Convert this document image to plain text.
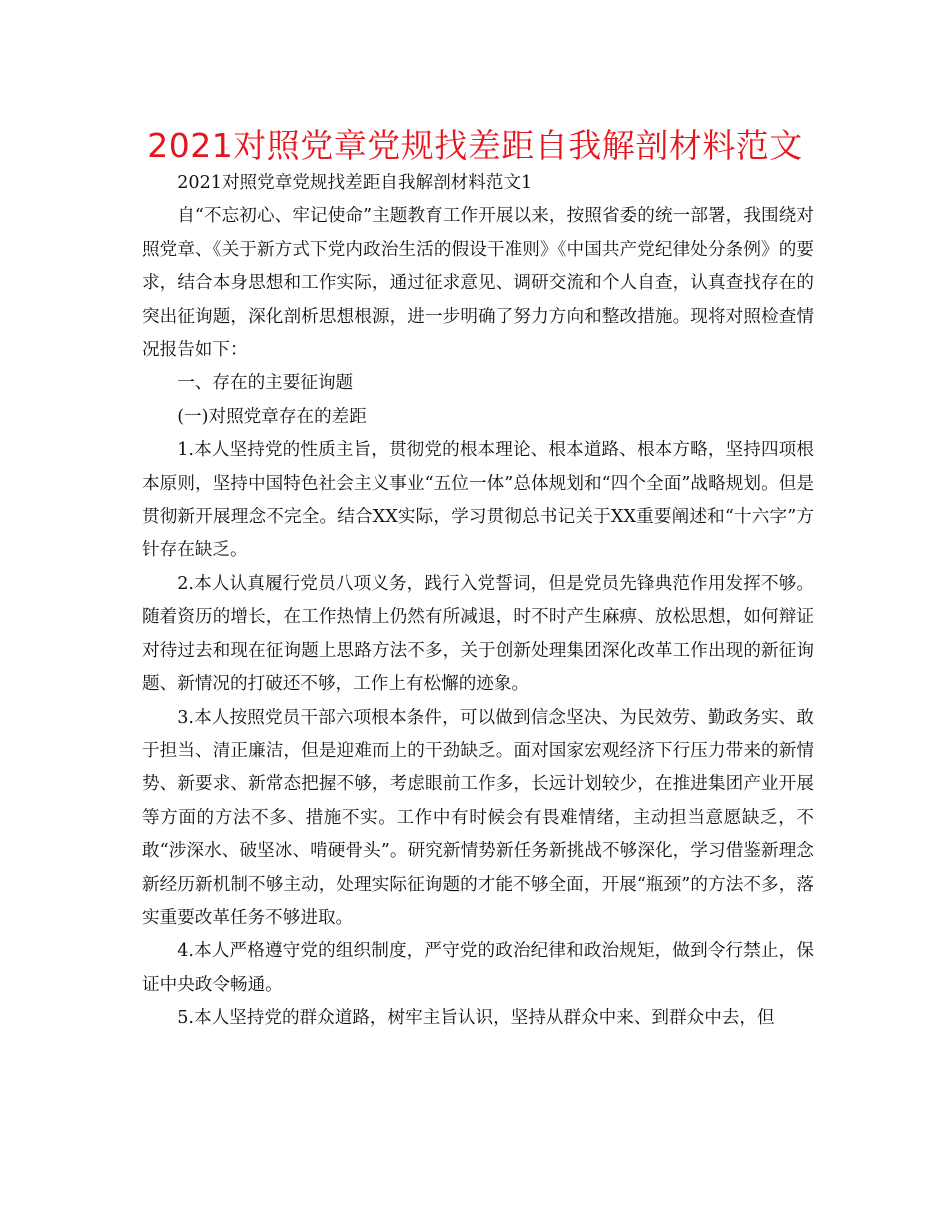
2021对照党章党规找差距自我解剖材料范文

2021对照党章党规找差距自我解剖材料范文1

自“不忘初心、牢记使命”主题教育工作开展以来，按照省委的统一部署，我围绕对照党章、《关于新方式下党内政治生活的假设干准则》《中国共产党纪律处分条例》的要求，结合本身思想和工作实际，通过征求意见、调研交流和个人自查，认真查找存在的突出征询题，深化剖析思想根源，进一步明确了努力方向和整改措施。现将对照检查情况报告如下：

一、存在的主要征询题

(一)对照党章存在的差距

1.本人坚持党的性质主旨，贯彻党的根本理论、根本道路、根本方略，坚持四项根本原则，坚持中国特色社会主义事业“五位一体”总体规划和“四个全面”战略规划。但是贯彻新开展理念不完全。结合XX实际，学习贯彻总书记关于XX重要阐述和“十六字”方针存在缺乏。

2.本人认真履行党员八项义务，践行入党誓词，但是党员先锋典范作用发挥不够。随着资历的增长，在工作热情上仍然有所减退，时不时产生麻痹、放松思想，如何辩证对待过去和现在征询题上思路方法不多，关于创新处理集团深化改革工作出现的新征询题、新情况的打破还不够，工作上有松懈的迹象。

3.本人按照党员干部六项根本条件，可以做到信念坚决、为民效劳、勤政务实、敢于担当、清正廉洁，但是迎难而上的干劲缺乏。面对国家宏观经济下行压力带来的新情势、新要求、新常态把握不够，考虑眼前工作多，长远计划较少，在推进集团产业开展等方面的方法不多、措施不实。工作中有时候会有畏难情绪，主动担当意愿缺乏，不敢“涉深水、破坚冰、啃硬骨头”。研究新情势新任务新挑战不够深化，学习借鉴新理念新经历新机制不够主动，处理实际征询题的才能不够全面，开展“瓶颈”的方法不多，落实重要改革任务不够进取。

4.本人严格遵守党的组织制度，严守党的政治纪律和政治规矩，做到令行禁止，保证中央政令畅通。

5.本人坚持党的群众道路，树牢主旨认识，坚持从群众中来、到群众中去，但
